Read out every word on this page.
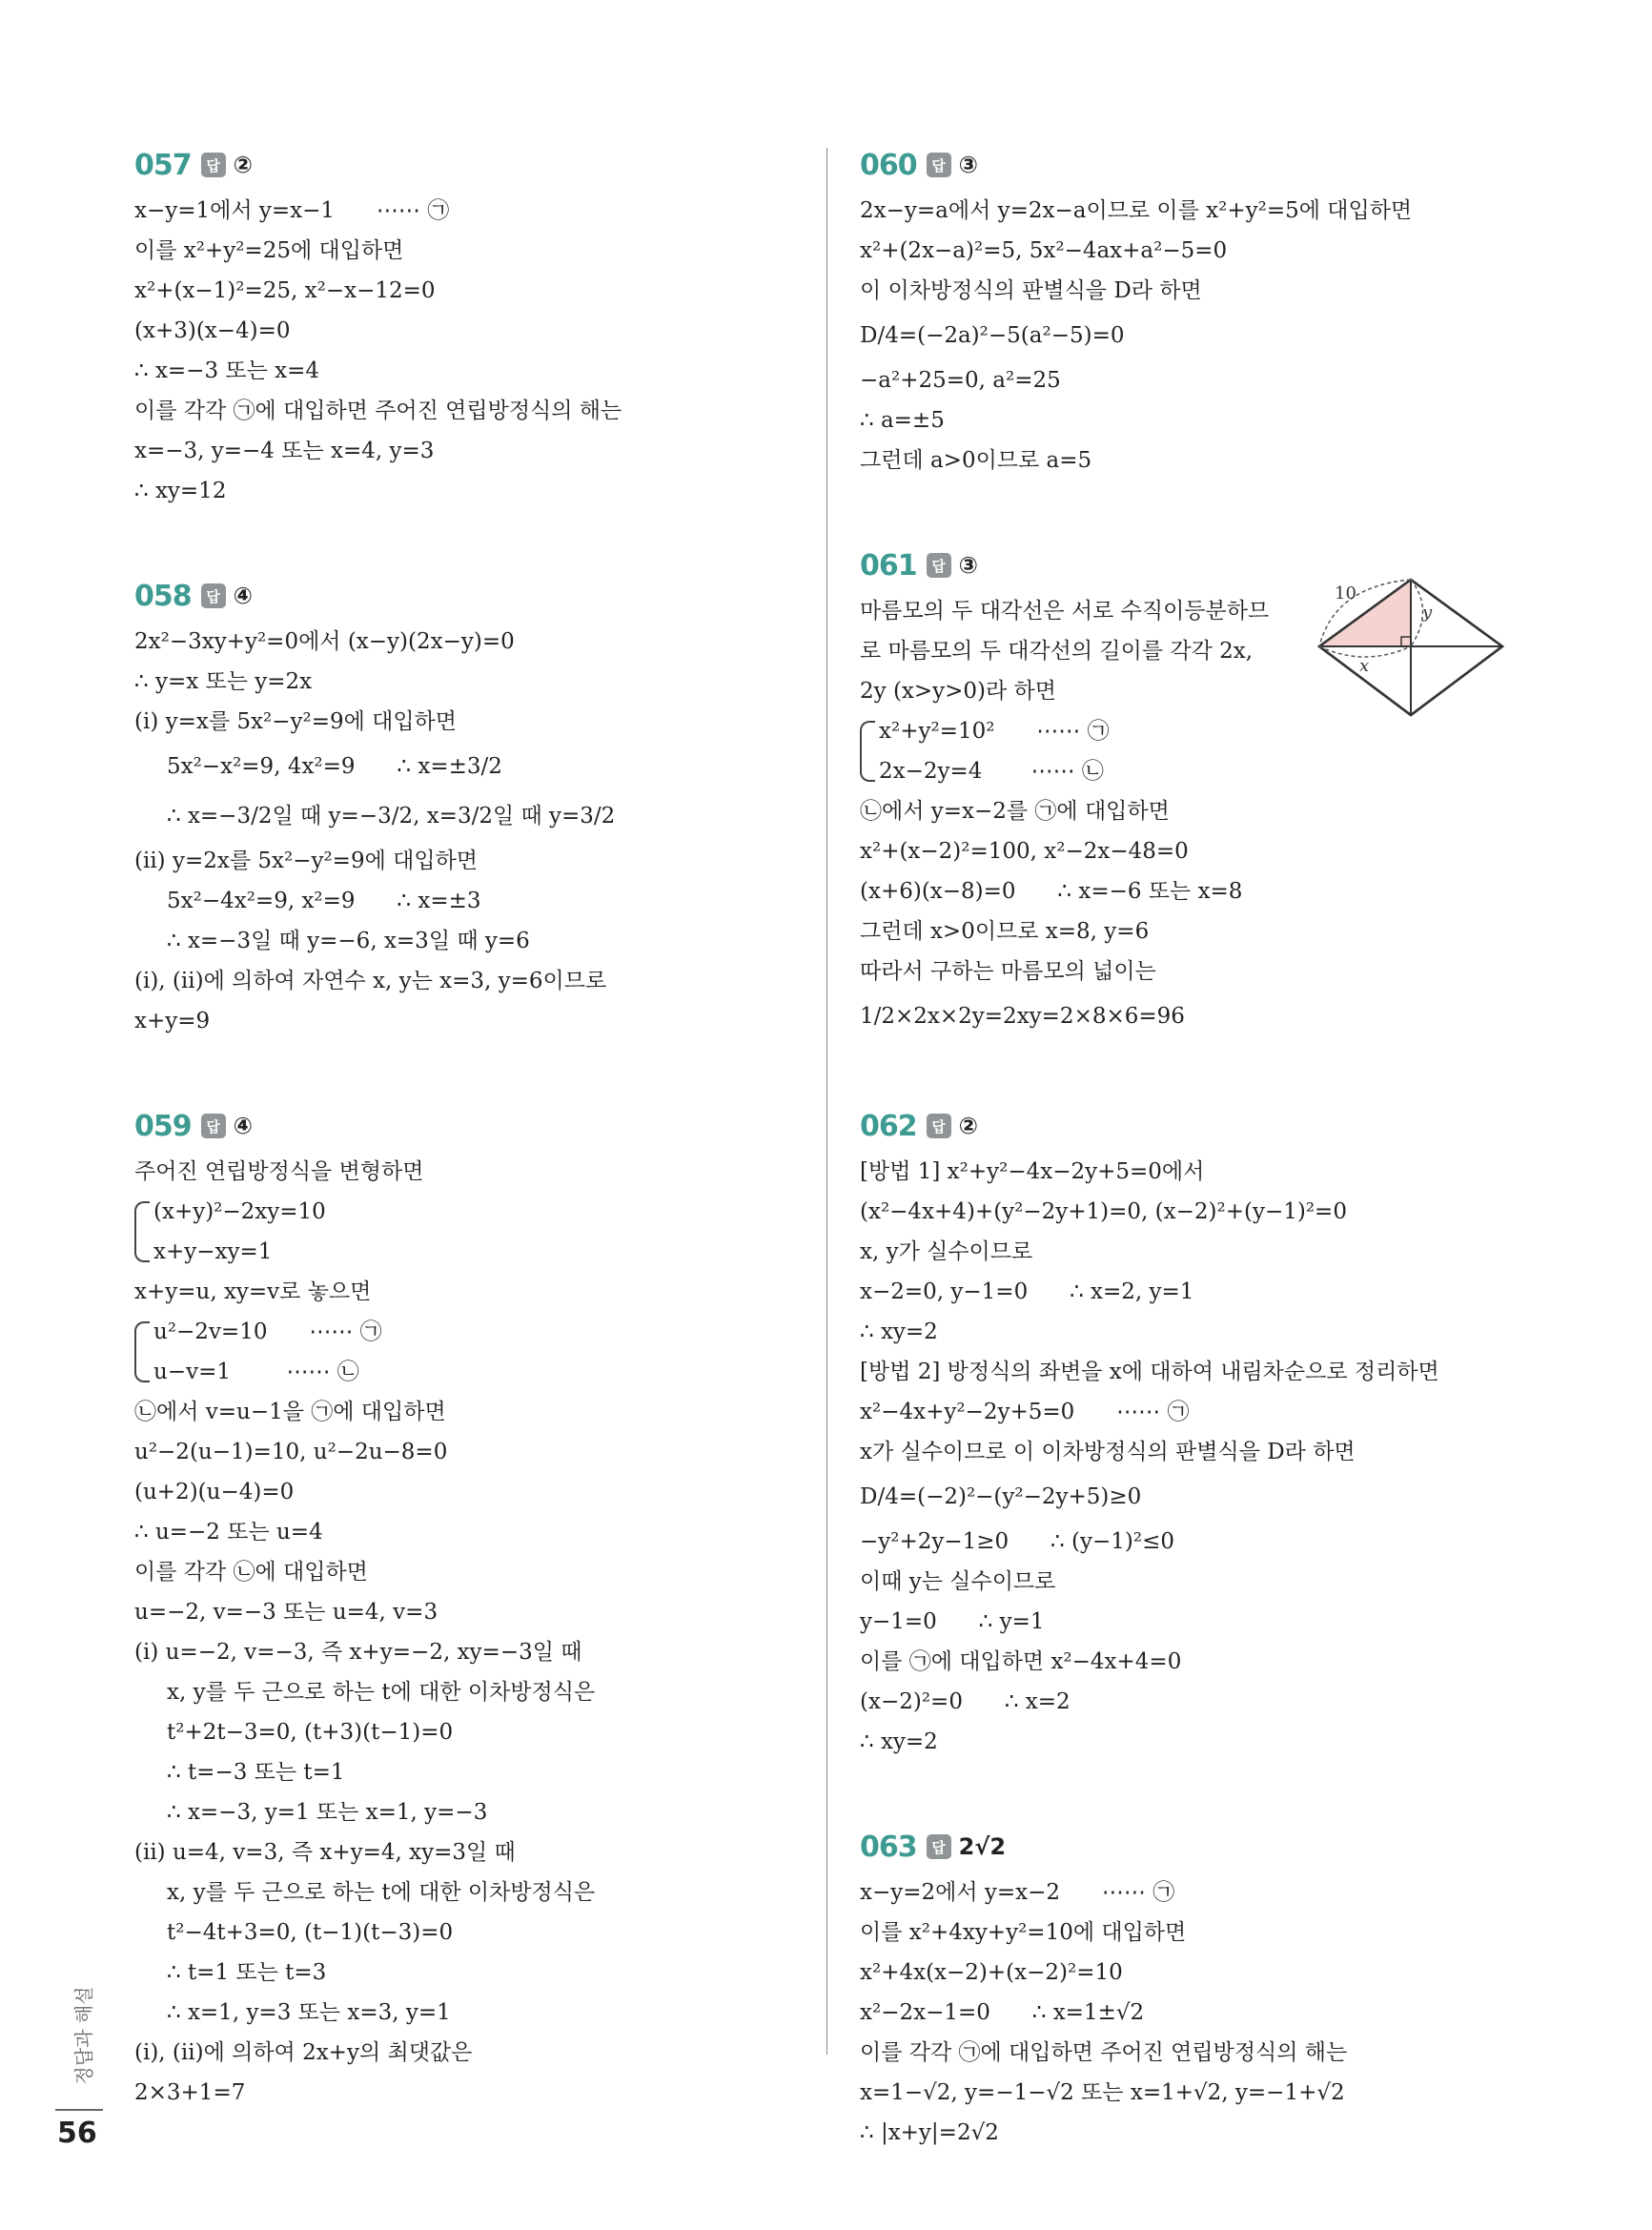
057	답 ②
x−y=1에서 y=x−1      ⋯⋯ ㉠
이를 x²+y²=25에 대입하면
x²+(x−1)²=25, x²−x−12=0
(x+3)(x−4)=0
∴ x=−3 또는 x=4
이를 각각 ㉠에 대입하면 주어진 연립방정식의 해는
x=−3, y=−4 또는 x=4, y=3
∴ xy=12
058	답 ④
2x²−3xy+y²=0에서 (x−y)(2x−y)=0
∴ y=x 또는 y=2x
(ⅰ) y=x를 5x²−y²=9에 대입하면
5x²−x²=9, 4x²=9      ∴ x=±3/2
∴ x=−3/2일 때 y=−3/2, x=3/2일 때 y=3/2
(ⅱ) y=2x를 5x²−y²=9에 대입하면
5x²−4x²=9, x²=9      ∴ x=±3
∴ x=−3일 때 y=−6, x=3일 때 y=6
(ⅰ), (ⅱ)에 의하여 자연수 x, y는 x=3, y=6이므로
x+y=9
059	답 ④
주어진 연립방정식을 변형하면
(x+y)²−2xy=10
x+y−xy=1
x+y=u, xy=v로 놓으면
u²−2v=10      ⋯⋯ ㉠
u−v=1        ⋯⋯ ㉡
㉡에서 v=u−1을 ㉠에 대입하면
u²−2(u−1)=10, u²−2u−8=0
(u+2)(u−4)=0
∴ u=−2 또는 u=4
이를 각각 ㉡에 대입하면
u=−2, v=−3 또는 u=4, v=3
(ⅰ) u=−2, v=−3, 즉 x+y=−2, xy=−3일 때
x, y를 두 근으로 하는 t에 대한 이차방정식은
t²+2t−3=0, (t+3)(t−1)=0
∴ t=−3 또는 t=1
∴ x=−3, y=1 또는 x=1, y=−3
(ⅱ) u=4, v=3, 즉 x+y=4, xy=3일 때
x, y를 두 근으로 하는 t에 대한 이차방정식은
t²−4t+3=0, (t−1)(t−3)=0
∴ t=1 또는 t=3
∴ x=1, y=3 또는 x=3, y=1
(ⅰ), (ⅱ)에 의하여 2x+y의 최댓값은
2×3+1=7
060	답 ③
2x−y=a에서 y=2x−a이므로 이를 x²+y²=5에 대입하면
x²+(2x−a)²=5, 5x²−4ax+a²−5=0
이 이차방정식의 판별식을 D라 하면
D/4=(−2a)²−5(a²−5)=0
−a²+25=0, a²=25
∴ a=±5
그런데 a>0이므로 a=5
061	답 ③
마름모의 두 대각선은 서로 수직이등분하므
로 마름모의 두 대각선의 길이를 각각 2x,
2y (x>y>0)라 하면
x²+y²=10²      ⋯⋯ ㉠
2x−2y=4       ⋯⋯ ㉡
㉡에서 y=x−2를 ㉠에 대입하면
x²+(x−2)²=100, x²−2x−48=0
(x+6)(x−8)=0      ∴ x=−6 또는 x=8
그런데 x>0이므로 x=8, y=6
따라서 구하는 마름모의 넓이는
1/2×2x×2y=2xy=2×8×6=96
062	답 ②
[방법 1] x²+y²−4x−2y+5=0에서
(x²−4x+4)+(y²−2y+1)=0, (x−2)²+(y−1)²=0
x, y가 실수이므로
x−2=0, y−1=0      ∴ x=2, y=1
∴ xy=2
[방법 2] 방정식의 좌변을 x에 대하여 내림차순으로 정리하면
x²−4x+y²−2y+5=0      ⋯⋯ ㉠
x가 실수이므로 이 이차방정식의 판별식을 D라 하면
D/4=(−2)²−(y²−2y+5)≥0
−y²+2y−1≥0      ∴ (y−1)²≤0
이때 y는 실수이므로
y−1=0      ∴ y=1
이를 ㉠에 대입하면 x²−4x+4=0
(x−2)²=0      ∴ x=2
∴ xy=2
063	답 2√2
x−y=2에서 y=x−2      ⋯⋯ ㉠
이를 x²+4xy+y²=10에 대입하면
x²+4x(x−2)+(x−2)²=10
x²−2x−1=0      ∴ x=1±√2
이를 각각 ㉠에 대입하면 주어진 연립방정식의 해는
x=1−√2, y=−1−√2 또는 x=1+√2, y=−1+√2
∴ |x+y|=2√2
10
y
x
정답과 해설
56
